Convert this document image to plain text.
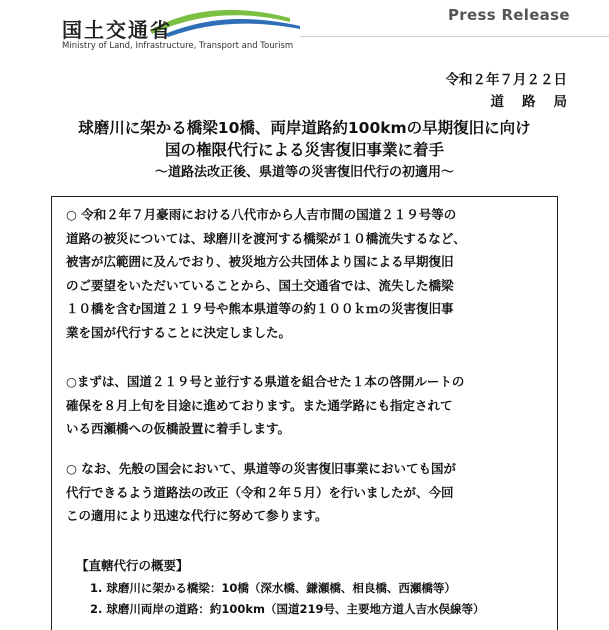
国土交通省
Ministry of Land, Infrastructure, Transport and Tourism
Press Release
令和２年７月２２日
道路局
球磨川に架かる橋梁10橋、両岸道路約100kmの早期復旧に向け
国の権限代行による災害復旧事業に着手
～道路法改正後、県道等の災害復旧代行の初適用～
○ 令和２年７月豪雨における八代市から人吉市間の国道２１９号等の
道路の被災については、球磨川を渡河する橋梁が１０橋流失するなど、
被害が広範囲に及んでおり、被災地方公共団体より国による早期復旧
のご要望をいただいていることから、国土交通省では、流失した橋梁
１０橋を含む国道２１９号や熊本県道等の約１００ｋｍの災害復旧事
業を国が代行することに決定しました。
○まずは、国道２１９号と並行する県道を組合せた１本の啓開ルートの
確保を８月上旬を目途に進めております。また通学路にも指定されて
いる西瀬橋への仮橋設置に着手します。
○ なお、先般の国会において、県道等の災害復旧事業においても国が
代行できるよう道路法の改正（令和２年５月）を行いましたが、今回
この適用により迅速な代行に努めて参ります。
【直轄代行の概要】
1. 球磨川に架かる橋梁：10橋（深水橋、鎌瀬橋、相良橋、西瀬橋等）
2. 球磨川両岸の道路：約100km（国道219号、主要地方道人吉水俣線等）
